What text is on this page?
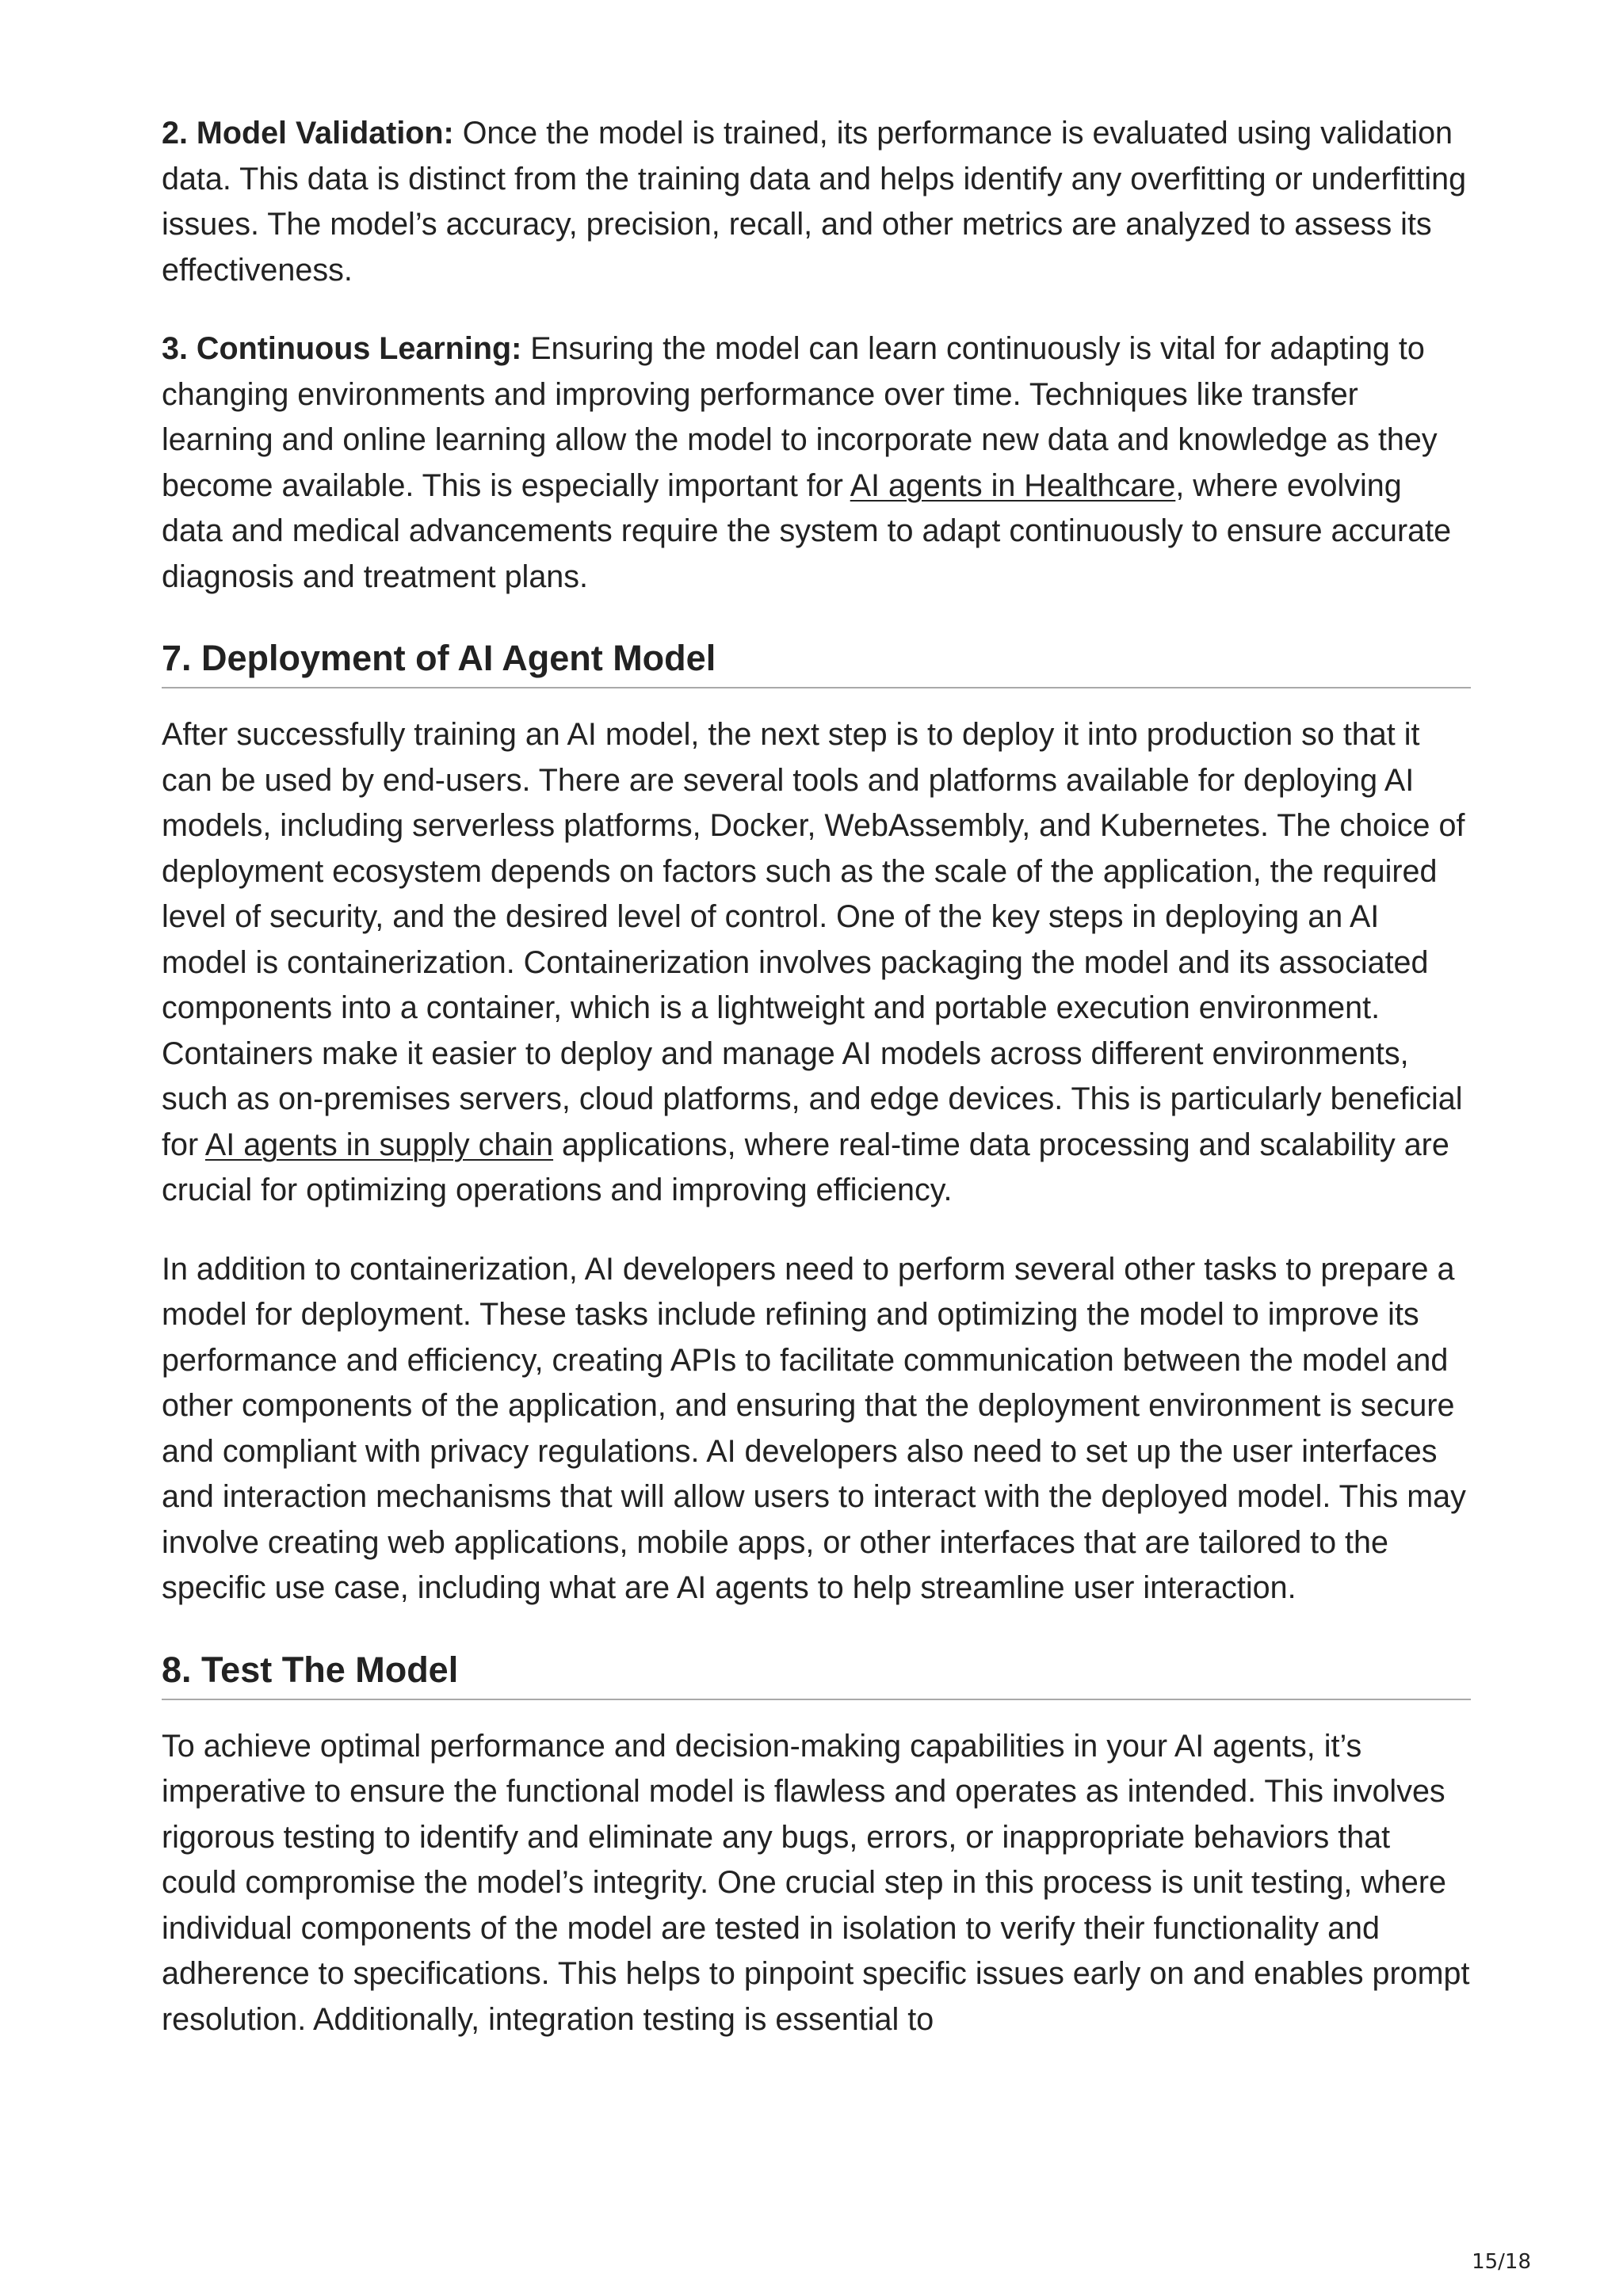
2. Model Validation: Once the model is trained, its performance is evaluated using validation data. This data is distinct from the training data and helps identify any overfitting or underfitting issues. The model’s accuracy, precision, recall, and other metrics are analyzed to assess its effectiveness.

3. Continuous Learning: Ensuring the model can learn continuously is vital for adapting to changing environments and improving performance over time. Techniques like transfer learning and online learning allow the model to incorporate new data and knowledge as they become available. This is especially important for AI agents in Healthcare, where evolving data and medical advancements require the system to adapt continuously to ensure accurate diagnosis and treatment plans.

7. Deployment of AI Agent Model

After successfully training an AI model, the next step is to deploy it into production so that it can be used by end-users. There are several tools and platforms available for deploying AI models, including serverless platforms, Docker, WebAssembly, and Kubernetes. The choice of deployment ecosystem depends on factors such as the scale of the application, the required level of security, and the desired level of control. One of the key steps in deploying an AI model is containerization. Containerization involves packaging the model and its associated components into a container, which is a lightweight and portable execution environment. Containers make it easier to deploy and manage AI models across different environments, such as on-premises servers, cloud platforms, and edge devices. This is particularly beneficial for AI agents in supply chain applications, where real-time data processing and scalability are crucial for optimizing operations and improving efficiency.

In addition to containerization, AI developers need to perform several other tasks to prepare a model for deployment. These tasks include refining and optimizing the model to improve its performance and efficiency, creating APIs to facilitate communication between the model and other components of the application, and ensuring that the deployment environment is secure and compliant with privacy regulations. AI developers also need to set up the user interfaces and interaction mechanisms that will allow users to interact with the deployed model. This may involve creating web applications, mobile apps, or other interfaces that are tailored to the specific use case, including what are AI agents to help streamline user interaction.

8. Test The Model

To achieve optimal performance and decision-making capabilities in your AI agents, it’s imperative to ensure the functional model is flawless and operates as intended. This involves rigorous testing to identify and eliminate any bugs, errors, or inappropriate behaviors that could compromise the model’s integrity. One crucial step in this process is unit testing, where individual components of the model are tested in isolation to verify their functionality and adherence to specifications. This helps to pinpoint specific issues early on and enables prompt resolution. Additionally, integration testing is essential to

15/18
